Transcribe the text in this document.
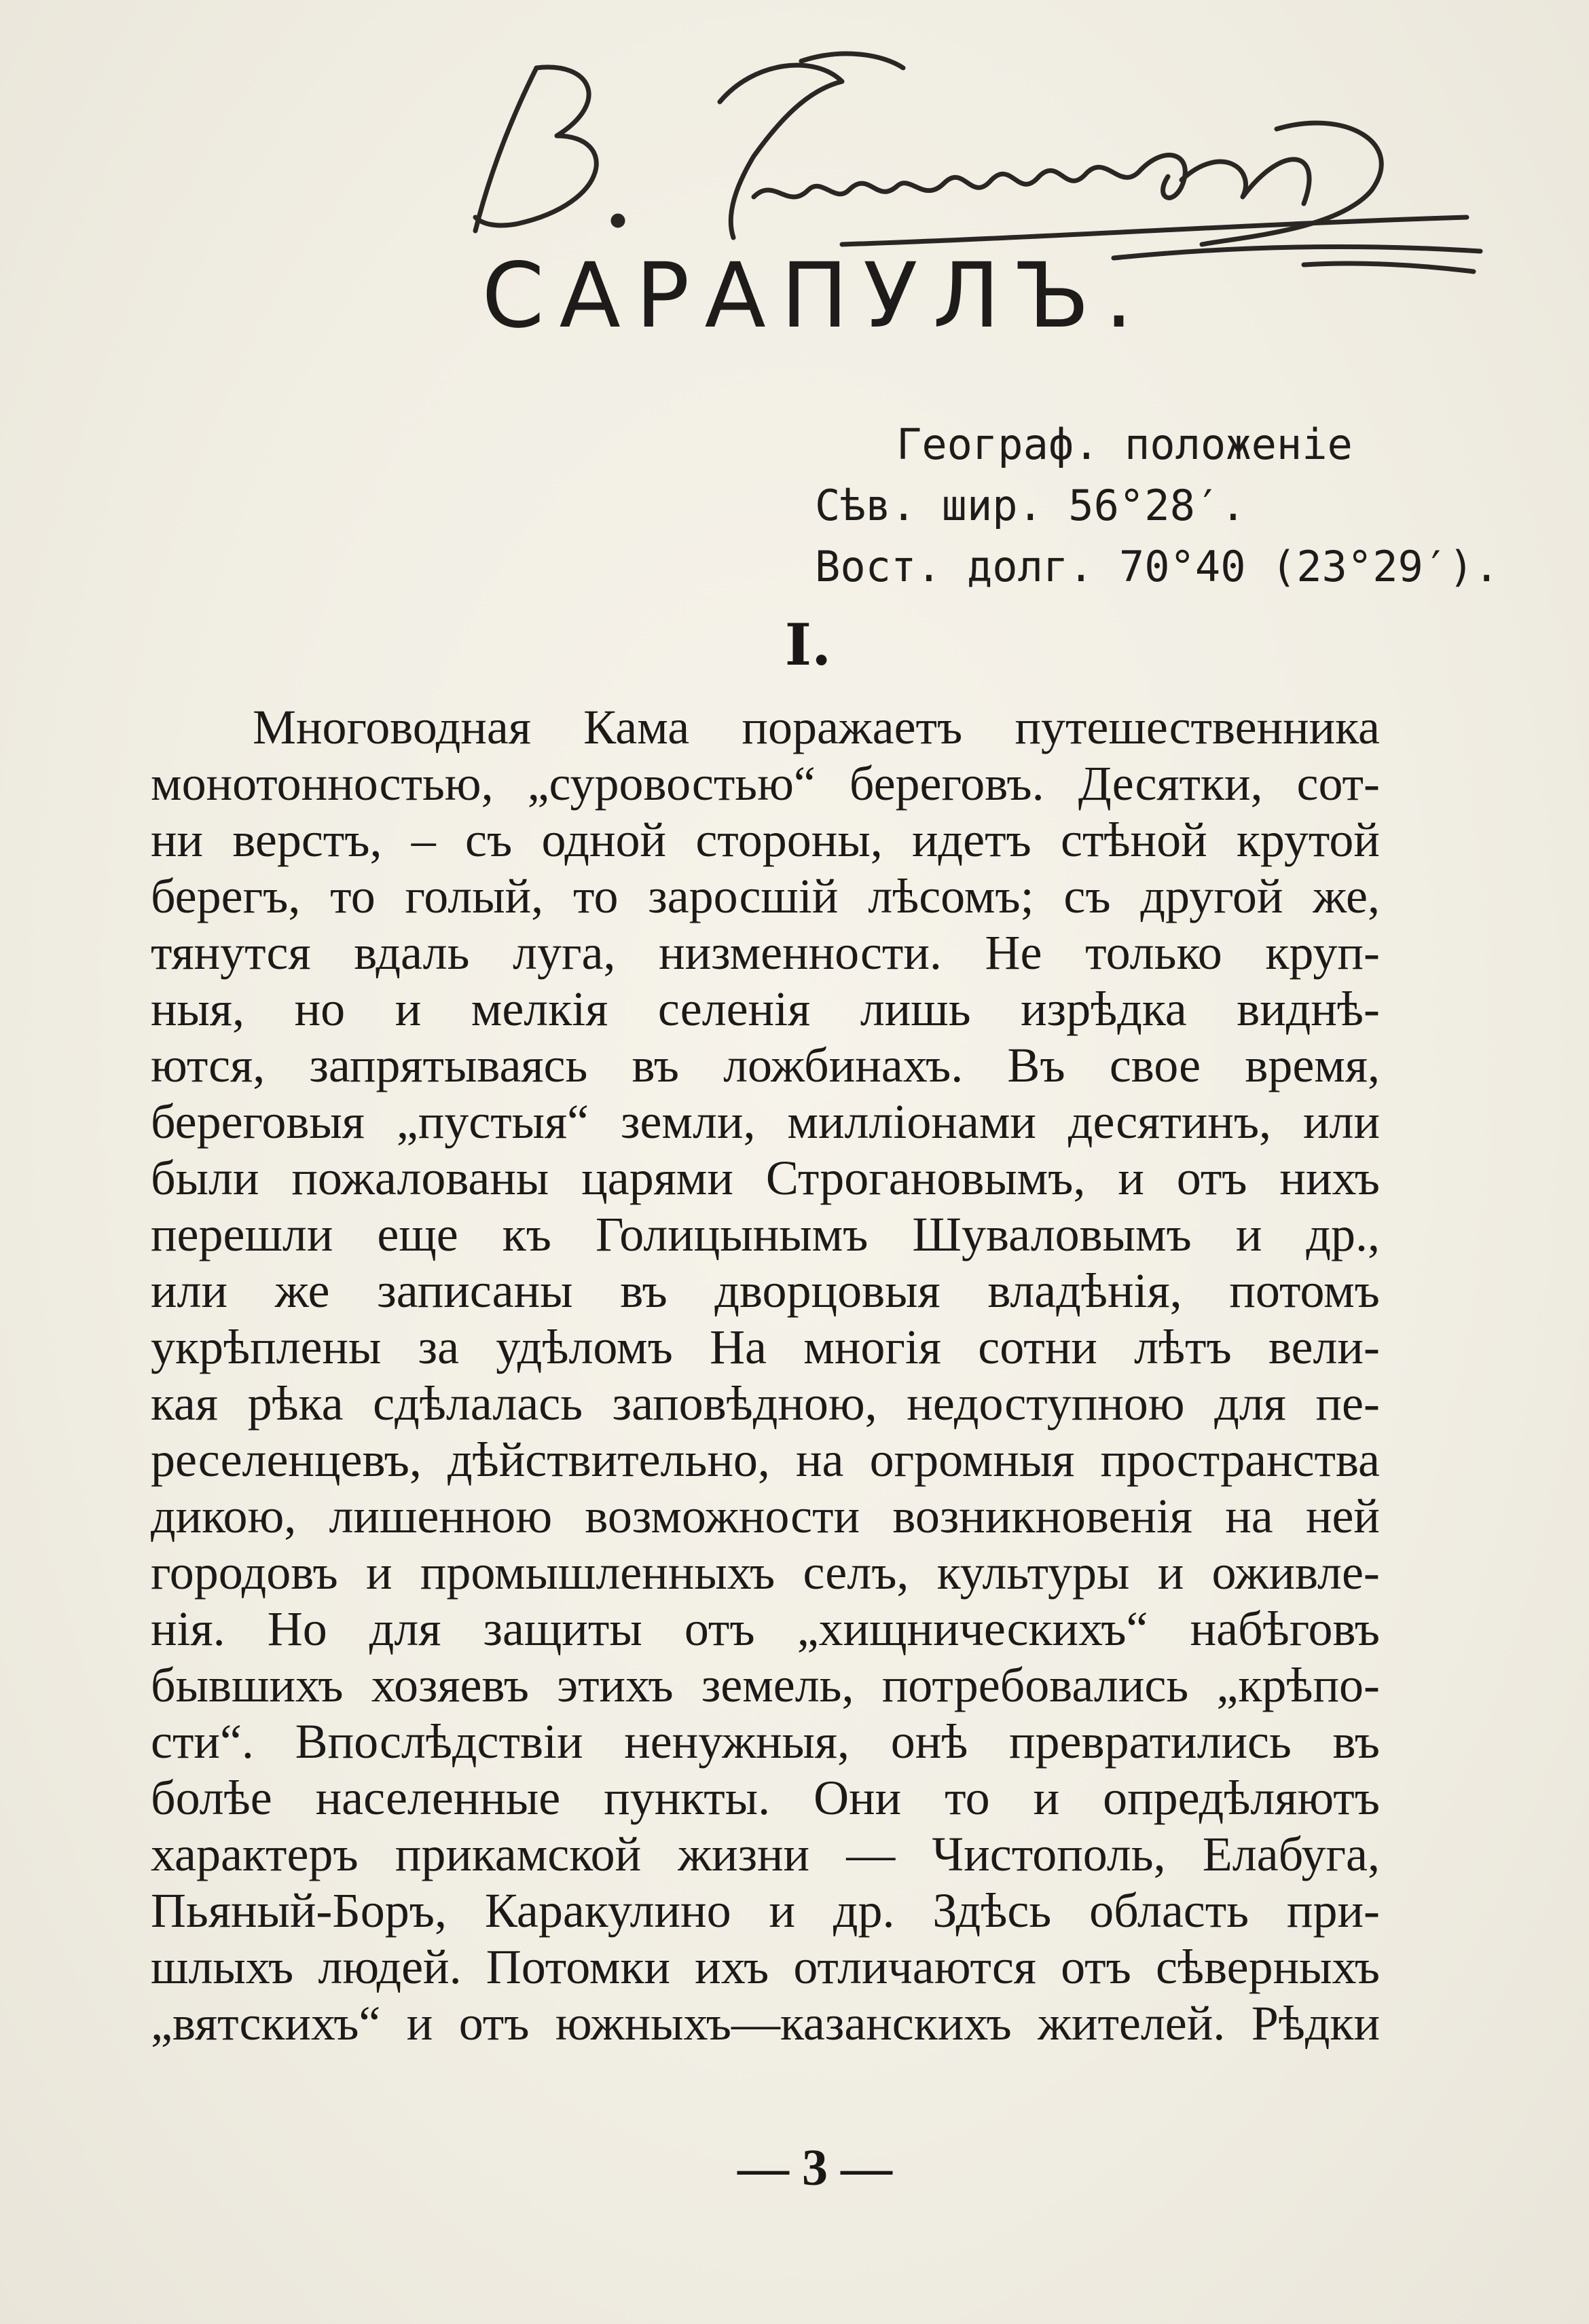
САРАПУЛЪ.
Географ. положеніе
Сѣв. шир. 56°28′.
Вост. долг. 70°40 (23°29′).
I.
Многоводная Кама поражаетъ путешественника
монотонностью, „суровостью“ береговъ. Десятки, сот-
ни верстъ, – съ одной стороны, идетъ стѣной крутой
берегъ, то голый, то заросшій лѣсомъ; съ другой же,
тянутся вдаль луга, низменности. Не только круп-
ныя, но и мелкія селенія лишь изрѣдка виднѣ-
ются, запрятываясь въ ложбинахъ. Въ свое время,
береговыя „пустыя“ земли, милліонами десятинъ, или
были пожалованы царями Строгановымъ, и отъ нихъ
перешли еще къ Голицынымъ Шуваловымъ и др.,
или же записаны въ дворцовыя владѣнія, потомъ
укрѣплены за удѣломъ На многія сотни лѣтъ вели-
кая рѣка сдѣлалась заповѣдною, недоступною для пе-
реселенцевъ, дѣйствительно, на огромныя пространства
дикою, лишенною возможности возникновенія на ней
городовъ и промышленныхъ селъ, культуры и оживле-
нія. Но для защиты отъ „хищническихъ“ набѣговъ
бывшихъ хозяевъ этихъ земель, потребовались „крѣпо-
сти“. Впослѣдствіи ненужныя, онѣ превратились въ
болѣе населенные пункты. Они то и опредѣляютъ
характеръ прикамской жизни — Чистополь, Елабуга,
Пьяный-Боръ, Каракулино и др. Здѣсь область при-
шлыхъ людей. Потомки ихъ отличаются отъ сѣверныхъ
„вятскихъ“ и отъ южныхъ—казанскихъ жителей. Рѣдки
— 3 —
